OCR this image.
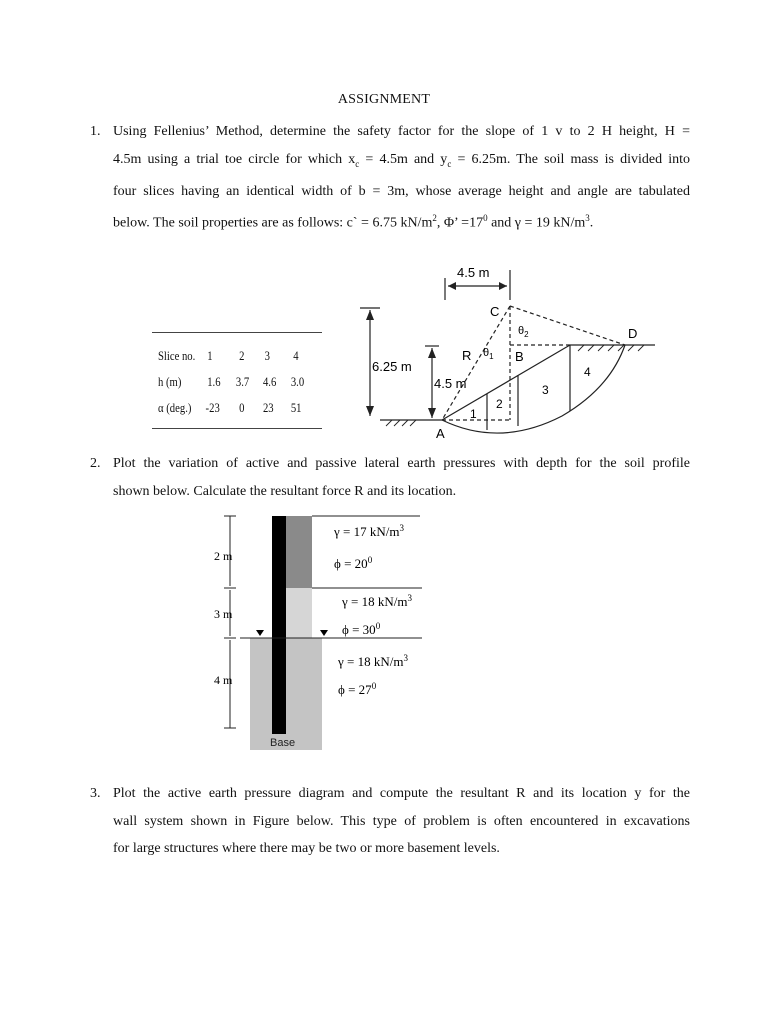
ASSIGNMENT
1. Using Fellenius’ Method, determine the safety factor for the slope of 1 v to 2 H height, H =
4.5m using a trial toe circle for which $x_c = 4.5m$ and $y_c = 6.25m$. The soil mass is divided into
four slices having an identical width of b = 3m, whose average height and angle are tabulated
below. The soil properties are as follows: c` = 6.75 $kN/m^2$, Φ’ $=17^0$ and γ = 19 $kN/m^3$.
Slice no. 1 2 3 4
h (m) 1.6 3.7 4.6 3.0
α (deg.) -23 0 23 51
4.5 m
6.25 m
4.5 m
A
B
C
D
R $\theta_1$
$\theta_2$
1
2
3
4
2. Plot the variation of active and passive lateral earth pressures with depth for the soil profile
shown below. Calculate the resultant force R and its location.
2 m
3 m
4 m
Base
γ = 17 $kN/m^3$
$\phi = 20^0$
γ = 18 $kN/m^3$
$\phi = 30^0$
γ = 18 $kN/m^3$
$\phi = 27^0$
3. Plot the active earth pressure diagram and compute the resultant R and its location y for the
wall system shown in Figure below. This type of problem is often encountered in excavations
for large structures where there may be two or more basement levels.
